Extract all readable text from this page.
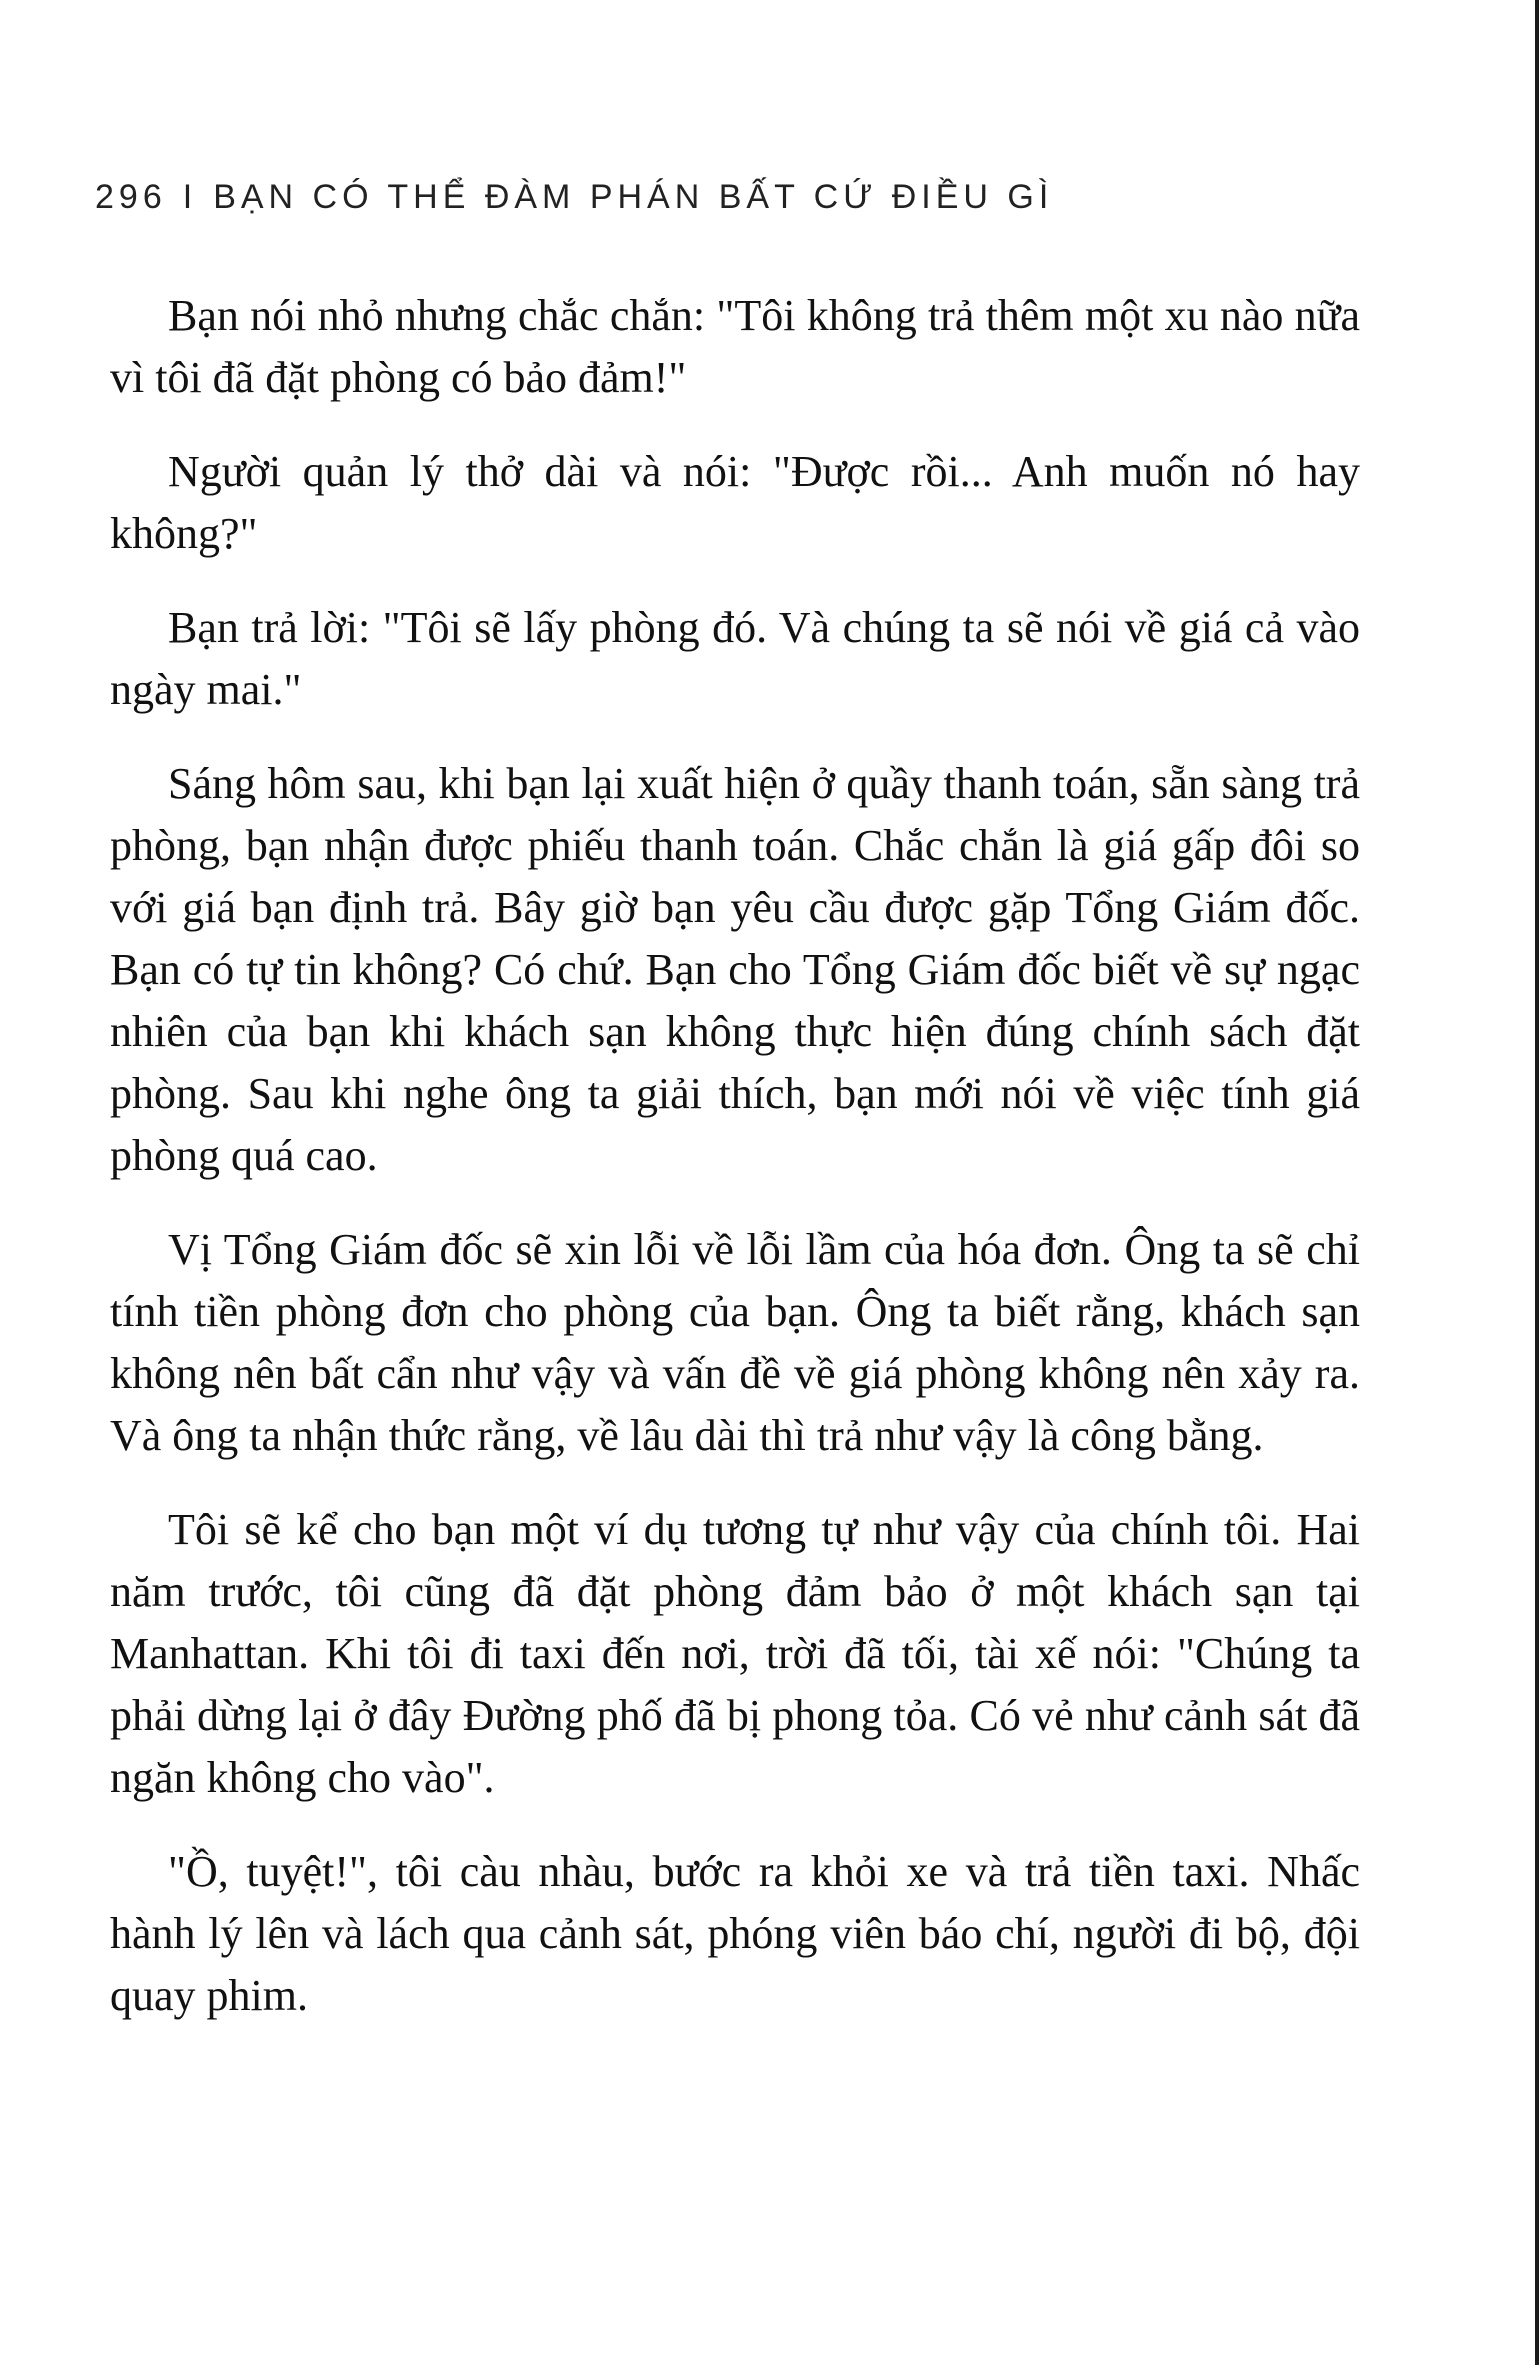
296 I BẠN CÓ THỂ ĐÀM PHÁN BẤT CỨ ĐIỀU GÌ

Bạn nói nhỏ nhưng chắc chắn: "Tôi không trả thêm một xu nào nữa vì tôi đã đặt phòng có bảo đảm!"

Người quản lý thở dài và nói: "Được rồi... Anh muốn nó hay không?"

Bạn trả lời: "Tôi sẽ lấy phòng đó. Và chúng ta sẽ nói về giá cả vào ngày mai."

Sáng hôm sau, khi bạn lại xuất hiện ở quầy thanh toán, sẵn sàng trả phòng, bạn nhận được phiếu thanh toán. Chắc chắn là giá gấp đôi so với giá bạn định trả. Bây giờ bạn yêu cầu được gặp Tổng Giám đốc. Bạn có tự tin không? Có chứ. Bạn cho Tổng Giám đốc biết về sự ngạc nhiên của bạn khi khách sạn không thực hiện đúng chính sách đặt phòng. Sau khi nghe ông ta giải thích, bạn mới nói về việc tính giá phòng quá cao.

Vị Tổng Giám đốc sẽ xin lỗi về lỗi lầm của hóa đơn. Ông ta sẽ chỉ tính tiền phòng đơn cho phòng của bạn. Ông ta biết rằng, khách sạn không nên bất cẩn như vậy và vấn đề về giá phòng không nên xảy ra. Và ông ta nhận thức rằng, về lâu dài thì trả như vậy là công bằng.

Tôi sẽ kể cho bạn một ví dụ tương tự như vậy của chính tôi. Hai năm trước, tôi cũng đã đặt phòng đảm bảo ở một khách sạn tại Manhattan. Khi tôi đi taxi đến nơi, trời đã tối, tài xế nói: "Chúng ta phải dừng lại ở đây Đường phố đã bị phong tỏa. Có vẻ như cảnh sát đã ngăn không cho vào".

"Ồ, tuyệt!", tôi càu nhàu, bước ra khỏi xe và trả tiền taxi. Nhấc hành lý lên và lách qua cảnh sát, phóng viên báo chí, người đi bộ, đội quay phim.
